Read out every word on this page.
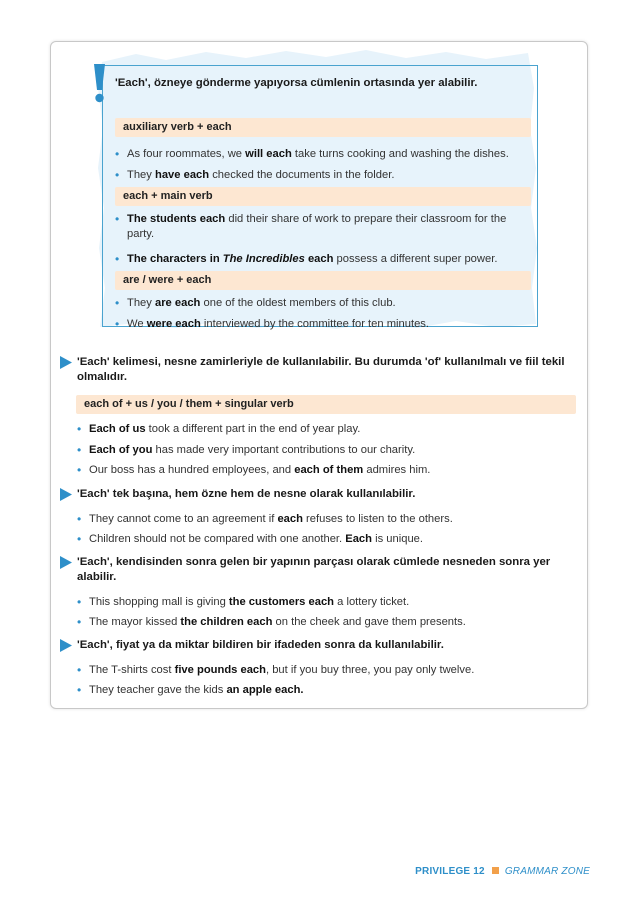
'Each', özneye gönderme yapıyorsa cümlenin ortasında yer alabilir.
auxiliary verb + each
• As four roommates, we will each take turns cooking and washing the dishes.
• They have each checked the documents in the folder.
each + main verb
• The students each did their share of work to prepare their classroom for the party.
• The characters in The Incredibles each possess a different super power.
are / were + each
• They are each one of the oldest members of this club.
• We were each interviewed by the committee for ten minutes.
'Each' kelimesi, nesne zamirleriyle de kullanılabilir. Bu durumda 'of' kullanılmalı ve fiil tekil olmalıdır.
each of + us / you / them + singular verb
• Each of us took a different part in the end of year play.
• Each of you has made very important contributions to our charity.
• Our boss has a hundred employees, and each of them admires him.
'Each' tek başına, hem özne hem de nesne olarak kullanılabilir.
• They cannot come to an agreement if each refuses to listen to the others.
• Children should not be compared with one another. Each is unique.
'Each', kendisinden sonra gelen bir yapının parçası olarak cümlede nesneden sonra yer alabilir.
• This shopping mall is giving the customers each a lottery ticket.
• The mayor kissed the children each on the cheek and gave them presents.
'Each', fiyat ya da miktar bildiren bir ifadeden sonra da kullanılabilir.
• The T-shirts cost five pounds each, but if you buy three, you pay only twelve.
• They teacher gave the kids an apple each.
PRIVILEGE 12 GRAMMAR ZONE
